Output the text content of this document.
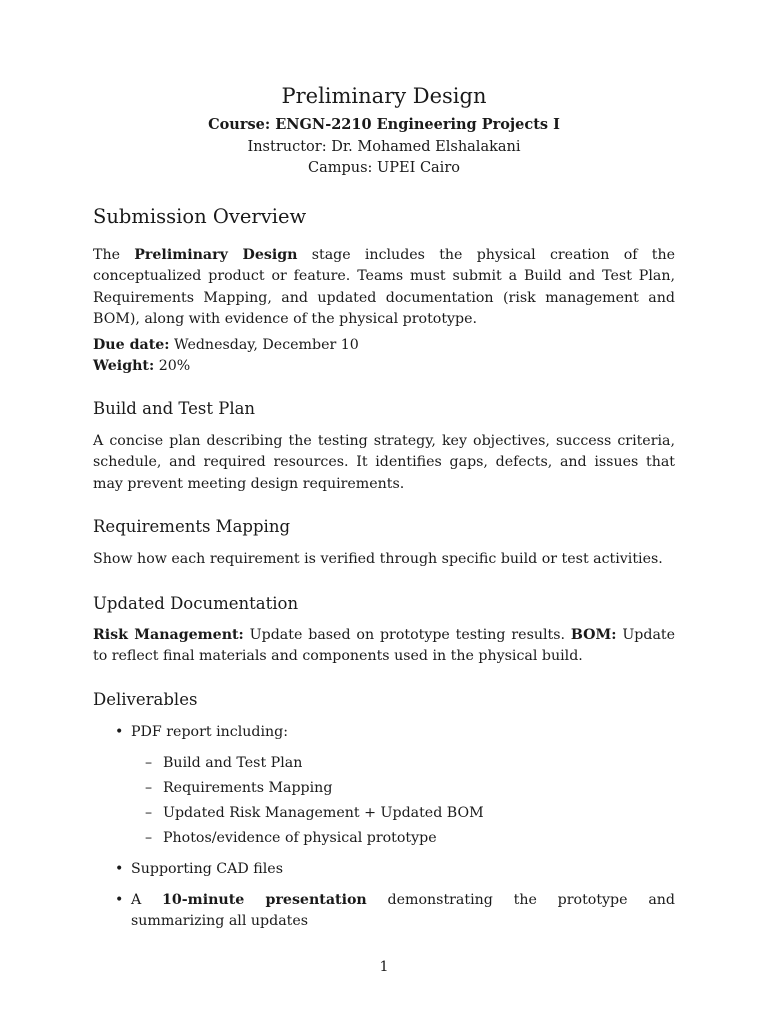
Preliminary Design
Course: ENGN-2210 Engineering Projects I
Instructor: Dr. Mohamed Elshalakani
Campus: UPEI Cairo
Submission Overview

The Preliminary Design stage includes the physical creation of the conceptualized product or feature. Teams must submit a Build and Test Plan, Requirements Mapping, and updated documentation (risk management and BOM), along with evidence of the physical prototype.

Due date: Wednesday, December 10
Weight: 20%
Build and Test Plan

A concise plan describing the testing strategy, key objectives, success criteria, schedule, and required resources. It identifies gaps, defects, and issues that may prevent meeting design requirements.

Requirements Mapping

Show how each requirement is verified through specific build or test activities.

Updated Documentation

Risk Management: Update based on prototype testing results. BOM: Update to reflect final materials and components used in the physical build.

Deliverables
• PDF report including:
– Build and Test Plan
– Requirements Mapping
– Updated Risk Management + Updated BOM
– Photos/evidence of physical prototype
• Supporting CAD files
• A 10-minute presentation demonstrating the prototype and summarizing all updates
1
